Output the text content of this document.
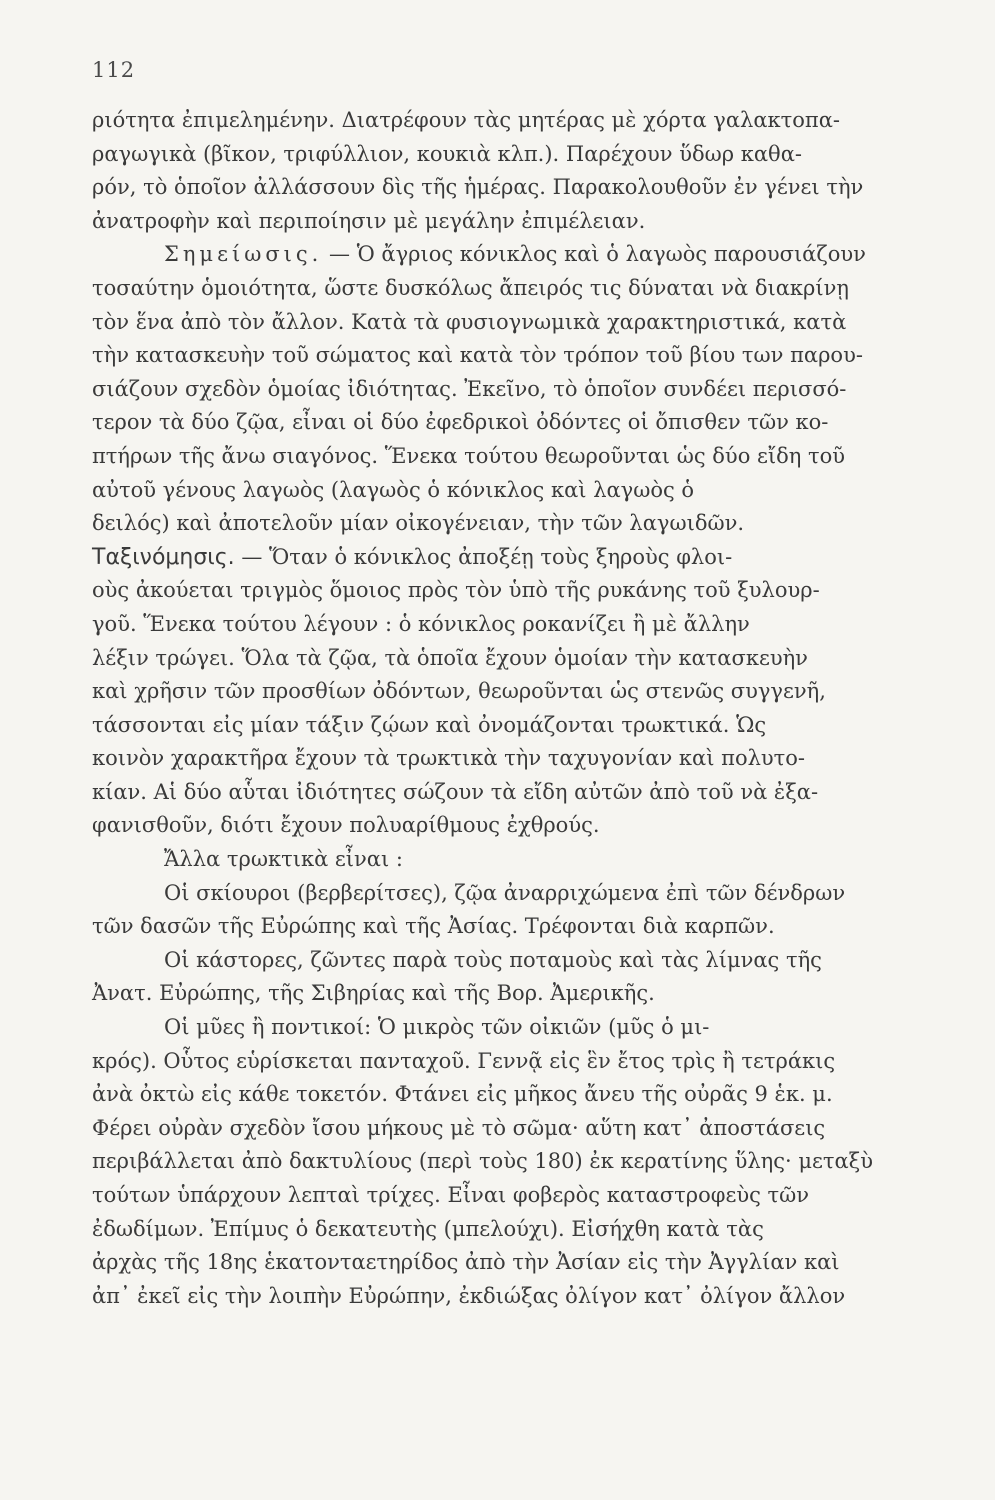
112
ριότητα ἐπιμελημένην. Διατρέφουν τὰς μητέρας μὲ χόρτα γαλακτοπα-
ραγωγικὰ (βῖκον, τριφύλλιον, κουκιὰ κλπ.). Παρέχουν ὕδωρ καθα-
ρόν, τὸ ὁποῖον ἀλλάσσουν δὶς τῆς ἡμέρας. Παρακολουθοῦν ἐν γένει τὴν
ἀνατροφὴν καὶ περιποίησιν μὲ μεγάλην ἐπιμέλειαν.
Σημείωσις. — Ὁ ἄγριος κόνικλος καὶ ὁ λαγωὸς παρουσιάζουν
τοσαύτην ὁμοιότητα, ὥστε δυσκόλως ἄπειρός τις δύναται νὰ διακρίνῃ
τὸν ἕνα ἀπὸ τὸν ἄλλον. Κατὰ τὰ φυσιογνωμικὰ χαρακτηριστικά, κατὰ
τὴν κατασκευὴν τοῦ σώματος καὶ κατὰ τὸν τρόπον τοῦ βίου των παρου-
σιάζουν σχεδὸν ὁμοίας ἰδιότητας. Ἐκεῖνο, τὸ ὁποῖον συνδέει περισσό-
τερον τὰ δύο ζῷα, εἶναι οἱ δύο ἐφεδρικοὶ ὀδόντες οἱ ὄπισθεν τῶν κο-
πτήρων τῆς ἄνω σιαγόνος. Ἕνεκα τούτου θεωροῦνται ὡς δύο εἴδη τοῦ
αὐτοῦ γένους λαγωὸς (λαγωὸς ὁ κόνικλος καὶ λαγωὸς ὁ
δειλός) καὶ ἀποτελοῦν μίαν οἰκογένειαν, τὴν τῶν λαγωιδῶν.
Ταξινόμησις. — Ὅταν ὁ κόνικλος ἀποξέῃ τοὺς ξηροὺς φλοι-
οὺς ἀκούεται τριγμὸς ὅμοιος πρὸς τὸν ὑπὸ τῆς ρυκάνης τοῦ ξυλουρ-
γοῦ. Ἕνεκα τούτου λέγουν : ὁ κόνικλος ροκανίζει ἢ μὲ ἄλλην
λέξιν τρώγει. Ὅλα τὰ ζῷα, τὰ ὁποῖα ἔχουν ὁμοίαν τὴν κατασκευὴν
καὶ χρῆσιν τῶν προσθίων ὀδόντων, θεωροῦνται ὡς στενῶς συγγενῆ,
τάσσονται εἰς μίαν τάξιν ζῴων καὶ ὀνομάζονται τρωκτικά. Ὡς
κοινὸν χαρακτῆρα ἔχουν τὰ τρωκτικὰ τὴν ταχυγονίαν καὶ πολυτο-
κίαν. Αἱ δύο αὗται ἰδιότητες σώζουν τὰ εἴδη αὐτῶν ἀπὸ τοῦ νὰ ἐξα-
φανισθοῦν, διότι ἔχουν πολυαρίθμους ἐχθρούς.
Ἄλλα τρωκτικὰ εἶναι :
Οἱ σκίουροι (βερβερίτσες), ζῷα ἀναρριχώμενα ἐπὶ τῶν δένδρων
τῶν δασῶν τῆς Εὐρώπης καὶ τῆς Ἀσίας. Τρέφονται διὰ καρπῶν.
Οἱ κάστορες, ζῶντες παρὰ τοὺς ποταμοὺς καὶ τὰς λίμνας τῆς
Ἀνατ. Εὐρώπης, τῆς Σιβηρίας καὶ τῆς Βορ. Ἀμερικῆς.
Οἱ μῦες ἢ ποντικοί: Ὁ μικρὸς τῶν οἰκιῶν (μῦς ὁ μι-
κρός). Οὗτος εὑρίσκεται πανταχοῦ. Γεννᾷ εἰς ἓν ἔτος τρὶς ἢ τετράκις
ἀνὰ ὀκτὼ εἰς κάθε τοκετόν. Φτάνει εἰς μῆκος ἄνευ τῆς οὐρᾶς 9 ἑκ. μ.
Φέρει οὐρὰν σχεδὸν ἴσου μήκους μὲ τὸ σῶμα· αὕτη κατ᾿ ἀποστάσεις
περιβάλλεται ἀπὸ δακτυλίους (περὶ τοὺς 180) ἐκ κερατίνης ὕλης· μεταξὺ
τούτων ὑπάρχουν λεπταὶ τρίχες. Εἶναι φοβερὸς καταστροφεὺς τῶν
ἐδωδίμων. Ἐπίμυς ὁ δεκατευτὴς (μπελούχι). Εἰσήχθη κατὰ τὰς
ἀρχὰς τῆς 18ης ἑκατονταετηρίδος ἀπὸ τὴν Ἀσίαν εἰς τὴν Ἀγγλίαν καὶ
ἀπ᾿ ἐκεῖ εἰς τὴν λοιπὴν Εὐρώπην, ἐκδιώξας ὀλίγον κατ᾿ ὀλίγον ἄλλον
